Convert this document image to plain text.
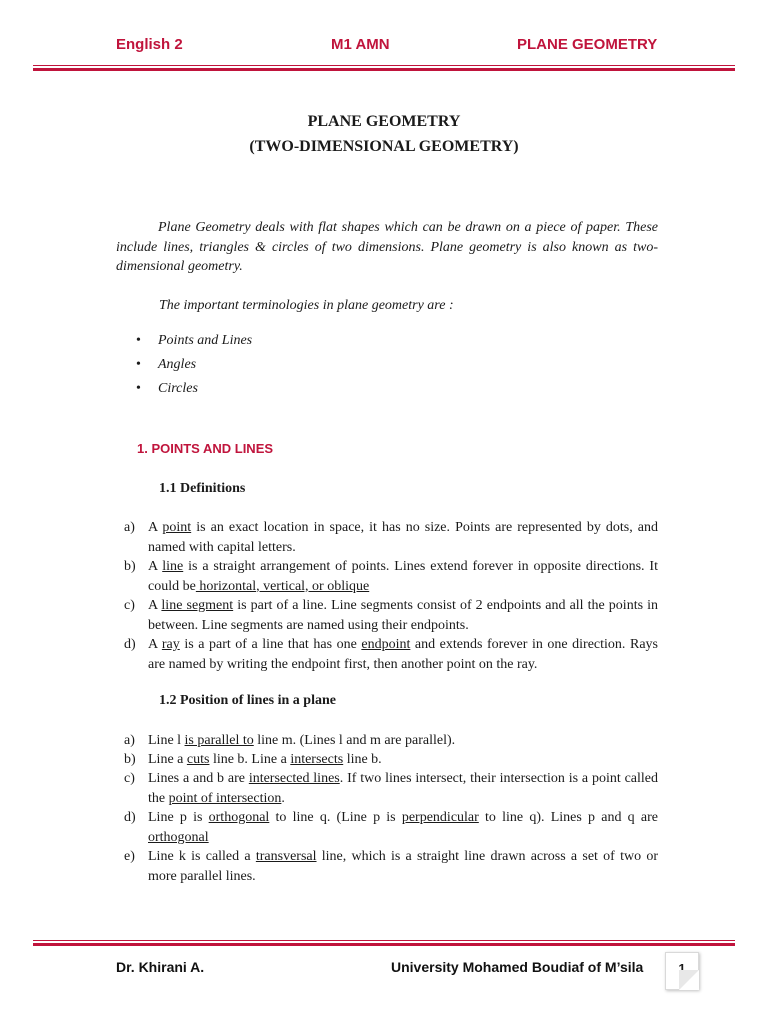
English 2	M1 AMN	PLANE GEOMETRY
PLANE GEOMETRY
(TWO-DIMENSIONAL GEOMETRY)
Plane Geometry deals with flat shapes which can be drawn on a piece of paper. These include lines, triangles & circles of two dimensions. Plane geometry is also known as two-dimensional geometry.
The important terminologies in plane geometry are :
• Points and Lines
• Angles
• Circles
1. POINTS AND LINES
1.1 Definitions
a) A point is an exact location in space, it has no size. Points are represented by dots, and named with capital letters.
b) A line is a straight arrangement of points. Lines extend forever in opposite directions. It could be horizontal, vertical, or oblique
c) A line segment is part of a line. Line segments consist of 2 endpoints and all the points in between. Line segments are named using their endpoints.
d) A ray is a part of a line that has one endpoint and extends forever in one direction. Rays are named by writing the endpoint first, then another point on the ray.
1.2 Position of lines in a plane
a) Line l is parallel to line m. (Lines l and m are parallel).
b) Line a cuts line b. Line a intersects line b.
c) Lines a and b are intersected lines. If two lines intersect, their intersection is a point called the point of intersection.
d) Line p is orthogonal to line q. (Line p is perpendicular to line q). Lines p and q are orthogonal
e) Line k is called a transversal line, which is a straight line drawn across a set of two or more parallel lines.
Dr. Khirani A.	University Mohamed Boudiaf of M’sila	1
